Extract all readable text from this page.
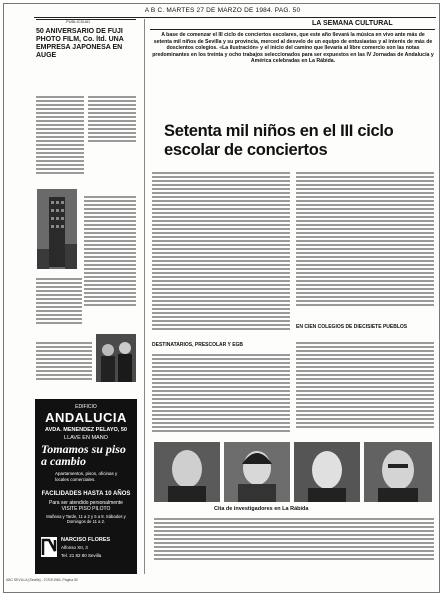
A B C. MARTES 27 DE MARZO DE 1984. PAG. 50
PUBLICIDAD
50 ANIVERSARIO DE FUJI PHOTO FILM, Co. ltd. UNA EMPRESA JAPONESA EN AUGE
EDIFICIO
ANDALUCIA
AVDA. MENENDEZ PELAYO, 50
LLAVE EN MANO
Tomamos su piso a cambio
Apartamentos, pisos, oficinas y locales comerciales.
FACILIDADES HASTA 10 AÑOS
Para ser atendido personalmente VISITE PISO PILOTO
Mañana y Tarde, 11 a 2 y 5 a 8. Sábados y Domingos de 11 a 2.
NARCISO FLORES
Alfonso XII, 3
Tel. 21 82 80 Sevilla
LA SEMANA CULTURAL
A base de comenzar el III ciclo de conciertos escolares, que este año llevará la música en vivo ante más de setenta mil niños de Sevilla y su provincia, merced al desvelo de un equipo de entusiastas y al interés de más de doscientos colegios. «La ilustración» y el inicio del camino que llevaría al libre comercio son las notas predominantes en los treinta y ocho trabajos seleccionados para ser expuestos en las IV Jornadas de Andalucía y América celebradas en La Rábida.
Setenta mil niños en el III ciclo escolar de conciertos
DESTINATARIOS, PRESCOLAR Y EGB
EN CIEN COLEGIOS DE DIECISIETE PUEBLOS
Cita de investigadores en La Rábida
ABC SEVILLA (Sevilla) - 27/03/1984, Página 50
